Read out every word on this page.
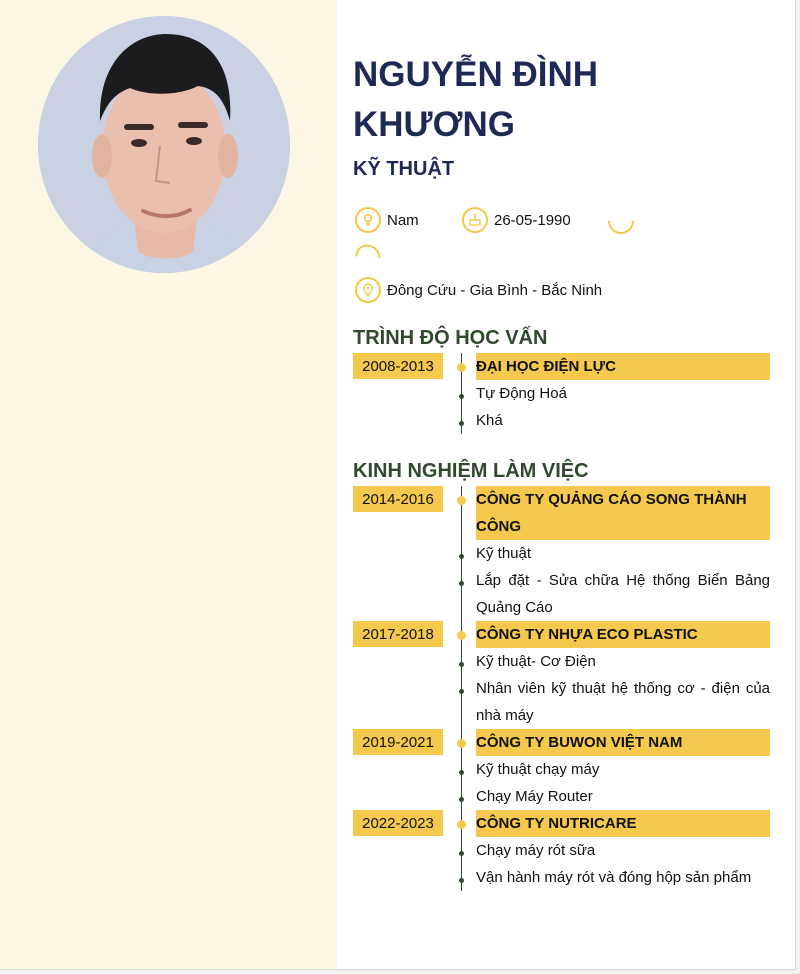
NGUYỄN ĐÌNH KHƯƠNG
KỸ THUẬT
Nam	26-05-1990
Đông Cứu - Gia Bình - Bắc Ninh
TRÌNH ĐỘ HỌC VẤN
2008-2013	ĐẠI HỌC ĐIỆN LỰC
Tự Động Hoá
Khá
KINH NGHIỆM LÀM VIỆC
2014-2016	CÔNG TY QUẢNG CÁO SONG THÀNH CÔNG
Kỹ thuật
Lắp đặt - Sửa chữa Hệ thống Biển Bảng Quảng Cáo
2017-2018	CÔNG TY NHỰA ECO PLASTIC
Kỹ thuật- Cơ Điện
Nhân viên kỹ thuật hệ thống cơ - điện của nhà máy
2019-2021	CÔNG TY BUWON VIỆT NAM
Kỹ thuật chạy máy
Chạy Máy Router
2022-2023	CÔNG TY NUTRICARE
Chạy máy rót sữa
Vận hành máy rót và đóng hộp sản phẩm
